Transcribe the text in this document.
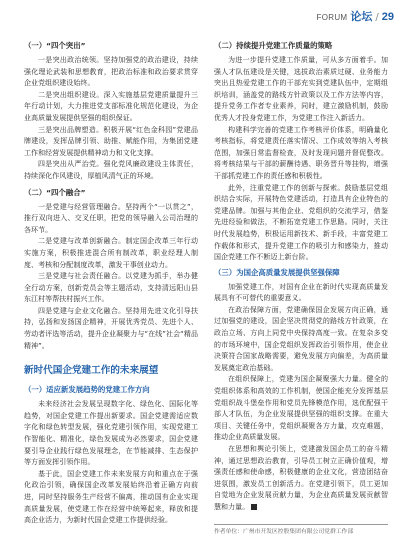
FORUM 论坛 / 29
（一）“四个突出”

一是突出政治统领。坚持加强党的政治建设，持续强化理论武装和思想教育，把政治标准和政治要求贯穿企业党组织建设始终。

二是突出组织建设。深入实施基层党建质量提升三年行动计划，大力推进党支部标准化规范化建设，为企业高质量发展提供坚强的组织保证。

三是突出品牌塑造。积极开展“红色金科园”党建品牌建设，发挥品牌引领、助推、赋能作用，为集团党建工作和经营发展提供精神动力和文化支撑。

四是突出从严治党。强化党风廉政建设主体责任，持续深化作风建设，厚植风清气正的环境。

（二）“四个融合”

一是党建与经营管理融合。坚持两个“一以贯之”，推行双向进入、交叉任职，把党的领导融入公司治理的各环节。

二是党建与改革创新融合。制定国企改革三年行动实施方案，积极推进混合所有制改革，职业经理人制度、考核和分配制度改革，激发干事创业动力。

三是党建与社会责任融合。以党建为抓手，举办健全行动方案，创新党员会等主题活动，支持清远阳山县东江村等帮扶村振兴工作。

四是党建与企业文化融合。坚持用先进文化引导扶持，弘扬和发扬国企精神，开展优秀党员、先进个人、劳动者评选等活动，提升企业凝聚力与“在线”社会“精品精神”。

新时代国企党建工作的未来展望
（一）适应新发展趋势的党建工作方向

未来经济社会发展呈现数字化、绿色化、国际化等趋势，对国企党建工作提出新要求。国企党建需适应数字化和绿色转型发展，强化党建引领作用，实现党建工作智能化、精准化，绿色发展成为必然要求，国企党建要引导企业践行绿色发展理念，在节能减排、生态保护等方面发挥引领作用。

基于此，国企党建工作未来发展方向和重点在于强化政治引领，确保国企改革发展始终沿着正确方向前进，同时坚持服务生产经营不偏离，推动国有企业实现高质量发展，使党建工作在经营中统筹起来，释放和提高企业活力，为新时代国企党建工作提供经验。

（二）持续提升党建工作质量的策略

为进一步提升党建工作质量，可从多方面着手。加强人才队伍建设是关键，选拔政治素质过硬、业务能力突出且热爱党建工作的干部充实到党建队伍中，定期组织培训，涵盖党的路线方针政策以及工作方法等内容，提升党务工作者专业素养，同时，建立激励机制，鼓励优秀人才投身党建工作，为党建工作注入新活力。

构建科学完善的党建工作考核评价体系，明确量化考核指标，将党建责任落实情况、工作成效等纳入考核范围，加强日常监督检查，及时发现问题并督促整改。将考核结果与干部的薪酬待遇、职务晋升等挂钩，增强干部抓党建工作的责任感和积极性。

此外，注重党建工作的创新与探索。鼓励基层党组织结合实际，开展特色党建活动，打造具有企业特色的党建品牌。加强与其他企业、党组织的交流学习，借鉴先进经验和做法，不断拓宽党建工作思路。同时，关注时代发展趋势，积极运用新技术、新手段，丰富党建工作载体和形式，提升党建工作的吸引力和感染力，推动国企党建工作不断迈上新台阶。

（三）为国企高质量发展提供坚强保障

加强党建工作，对国有企业在新时代实现高质量发展具有不可替代的重要意义。

在政治保障方面，党建确保国企发展方向正确，通过加强党的建设，国企坚决贯彻党的路线方针政策，在政治立场、方向上同党中央保持高度一致。在复杂多变的市场环境中，国企党组织发挥政治引领作用，使企业决策符合国家战略需要，避免发展方向偏差，为高质量发展奠定政治基础。

在组织保障上，党建为国企凝聚强大力量。健全的党组织体系和高效的工作机制，使国企能充分发挥基层党组织战斗堡垒作用和党员先锋模范作用，选优配强干部人才队伍，为企业发展提供坚强的组织支撑。在重大项目、关键任务中，党组织凝聚各方力量，攻克难题，推动企业高质量发展。

在思想和舆论引领上，党建激发国企员工的奋斗精神，通过思想政治教育，引导员工树立正确价值观，增强责任感和使命感，积极健康的企业文化，营造团结奋进氛围，激发员工创新活力。在党建引领下，员工更加自觉地为企业发展贡献力量，为企业高质量发展贡献智慧和力量。

作者单位：广州市开发区控股集团有限公司党群工作部
